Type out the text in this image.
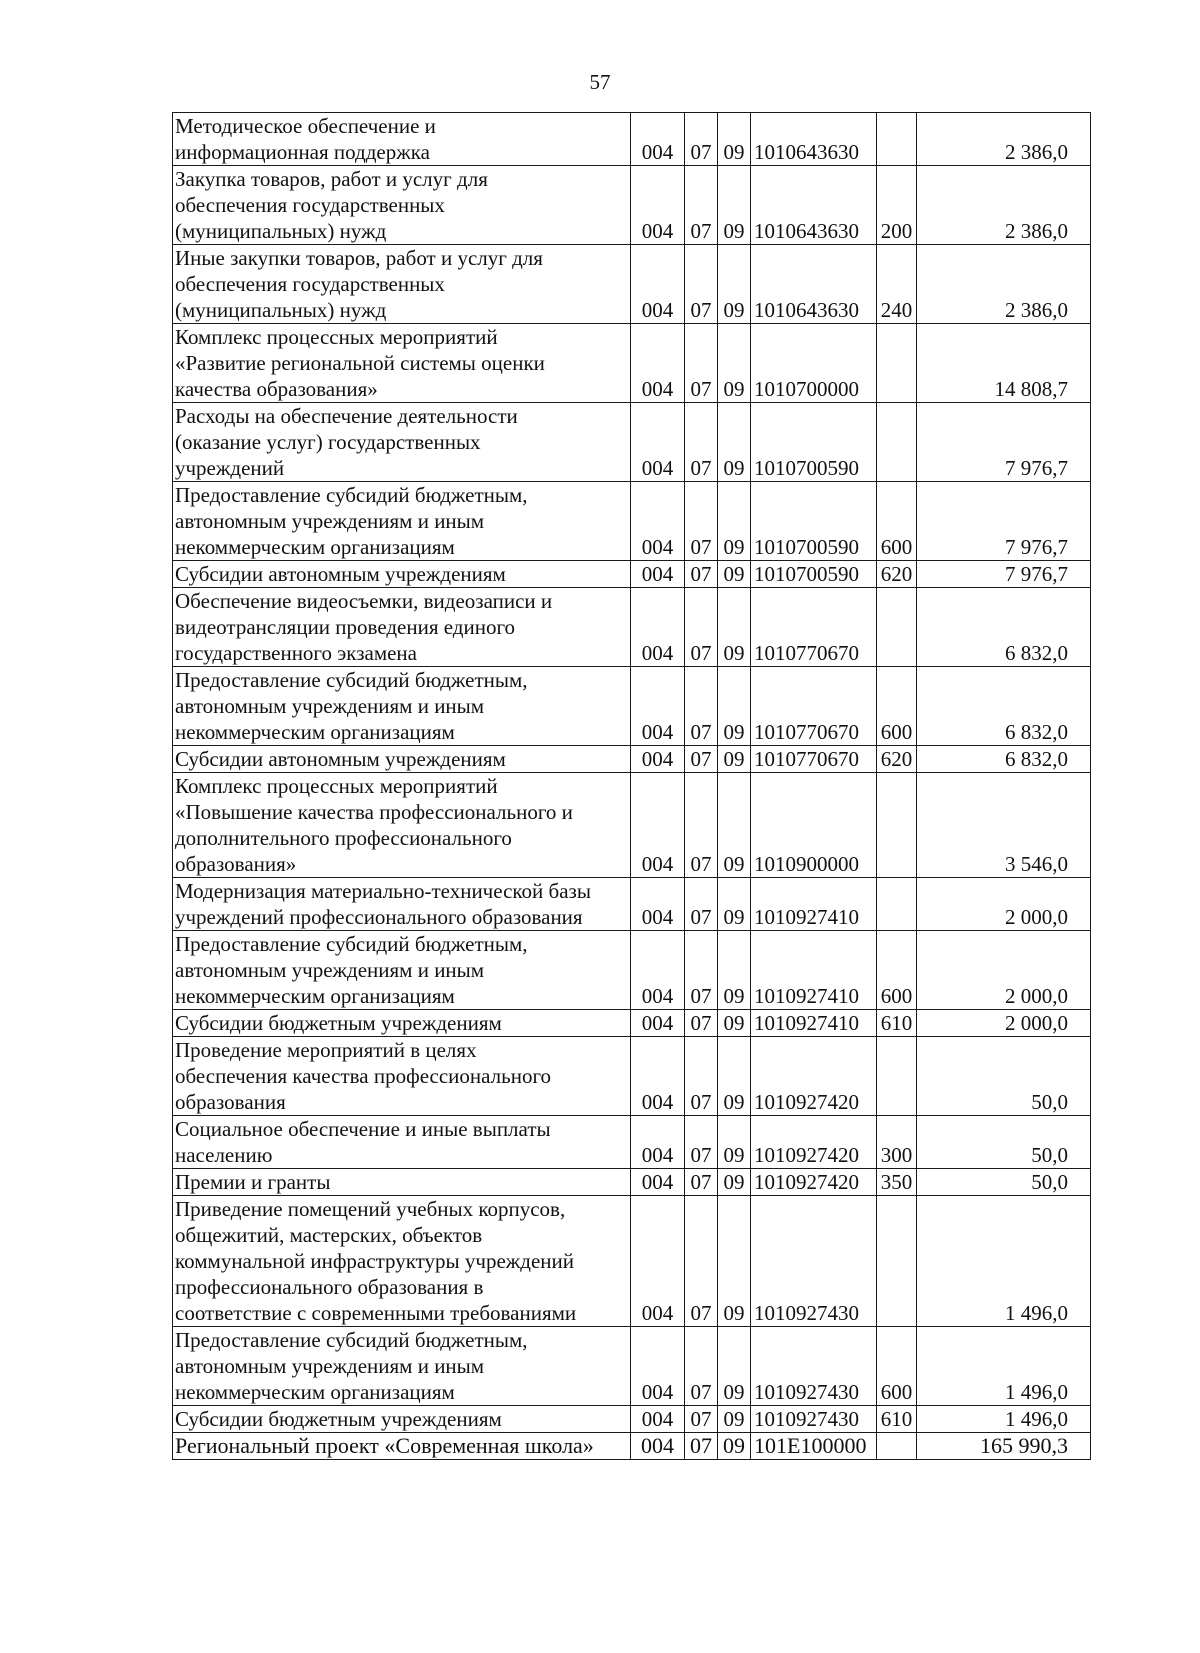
57
Методическое обеспечение и
информационная поддержка	004	07	09	1010643630		2 386,0

Закупка товаров, работ и услуг для
обеспечения государственных
(муниципальных) нужд	004	07	09	1010643630	200	2 386,0

Иные закупки товаров, работ и услуг для
обеспечения государственных
(муниципальных) нужд	004	07	09	1010643630	240	2 386,0

Комплекс процессных мероприятий
«Развитие региональной системы оценки
качества образования»	004	07	09	1010700000		14 808,7

Расходы на обеспечение деятельности
(оказание услуг) государственных
учреждений	004	07	09	1010700590		7 976,7

Предоставление субсидий бюджетным,
автономным учреждениям и иным
некоммерческим организациям	004	07	09	1010700590	600	7 976,7

Субсидии автономным учреждениям	004	07	09	1010700590	620	7 976,7

Обеспечение видеосъемки, видеозаписи и
видеотрансляции проведения единого
государственного экзамена	004	07	09	1010770670		6 832,0

Предоставление субсидий бюджетным,
автономным учреждениям и иным
некоммерческим организациям	004	07	09	1010770670	600	6 832,0

Субсидии автономным учреждениям	004	07	09	1010770670	620	6 832,0

Комплекс процессных мероприятий
«Повышение качества профессионального и
дополнительного профессионального
образования»	004	07	09	1010900000		3 546,0

Модернизация материально-технической базы
учреждений профессионального образования	004	07	09	1010927410		2 000,0

Предоставление субсидий бюджетным,
автономным учреждениям и иным
некоммерческим организациям	004	07	09	1010927410	600	2 000,0

Субсидии бюджетным учреждениям	004	07	09	1010927410	610	2 000,0

Проведение мероприятий в целях
обеспечения качества профессионального
образования	004	07	09	1010927420		50,0

Социальное обеспечение и иные выплаты
населению	004	07	09	1010927420	300	50,0

Премии и гранты	004	07	09	1010927420	350	50,0

Приведение помещений учебных корпусов,
общежитий, мастерских, объектов
коммунальной инфраструктуры учреждений
профессионального образования в
соответствие с современными требованиями	004	07	09	1010927430		1 496,0

Предоставление субсидий бюджетным,
автономным учреждениям и иным
некоммерческим организациям	004	07	09	1010927430	600	1 496,0

Субсидии бюджетным учреждениям	004	07	09	1010927430	610	1 496,0

Региональный проект «Современная школа»	004	07	09	101E100000		165 990,3
